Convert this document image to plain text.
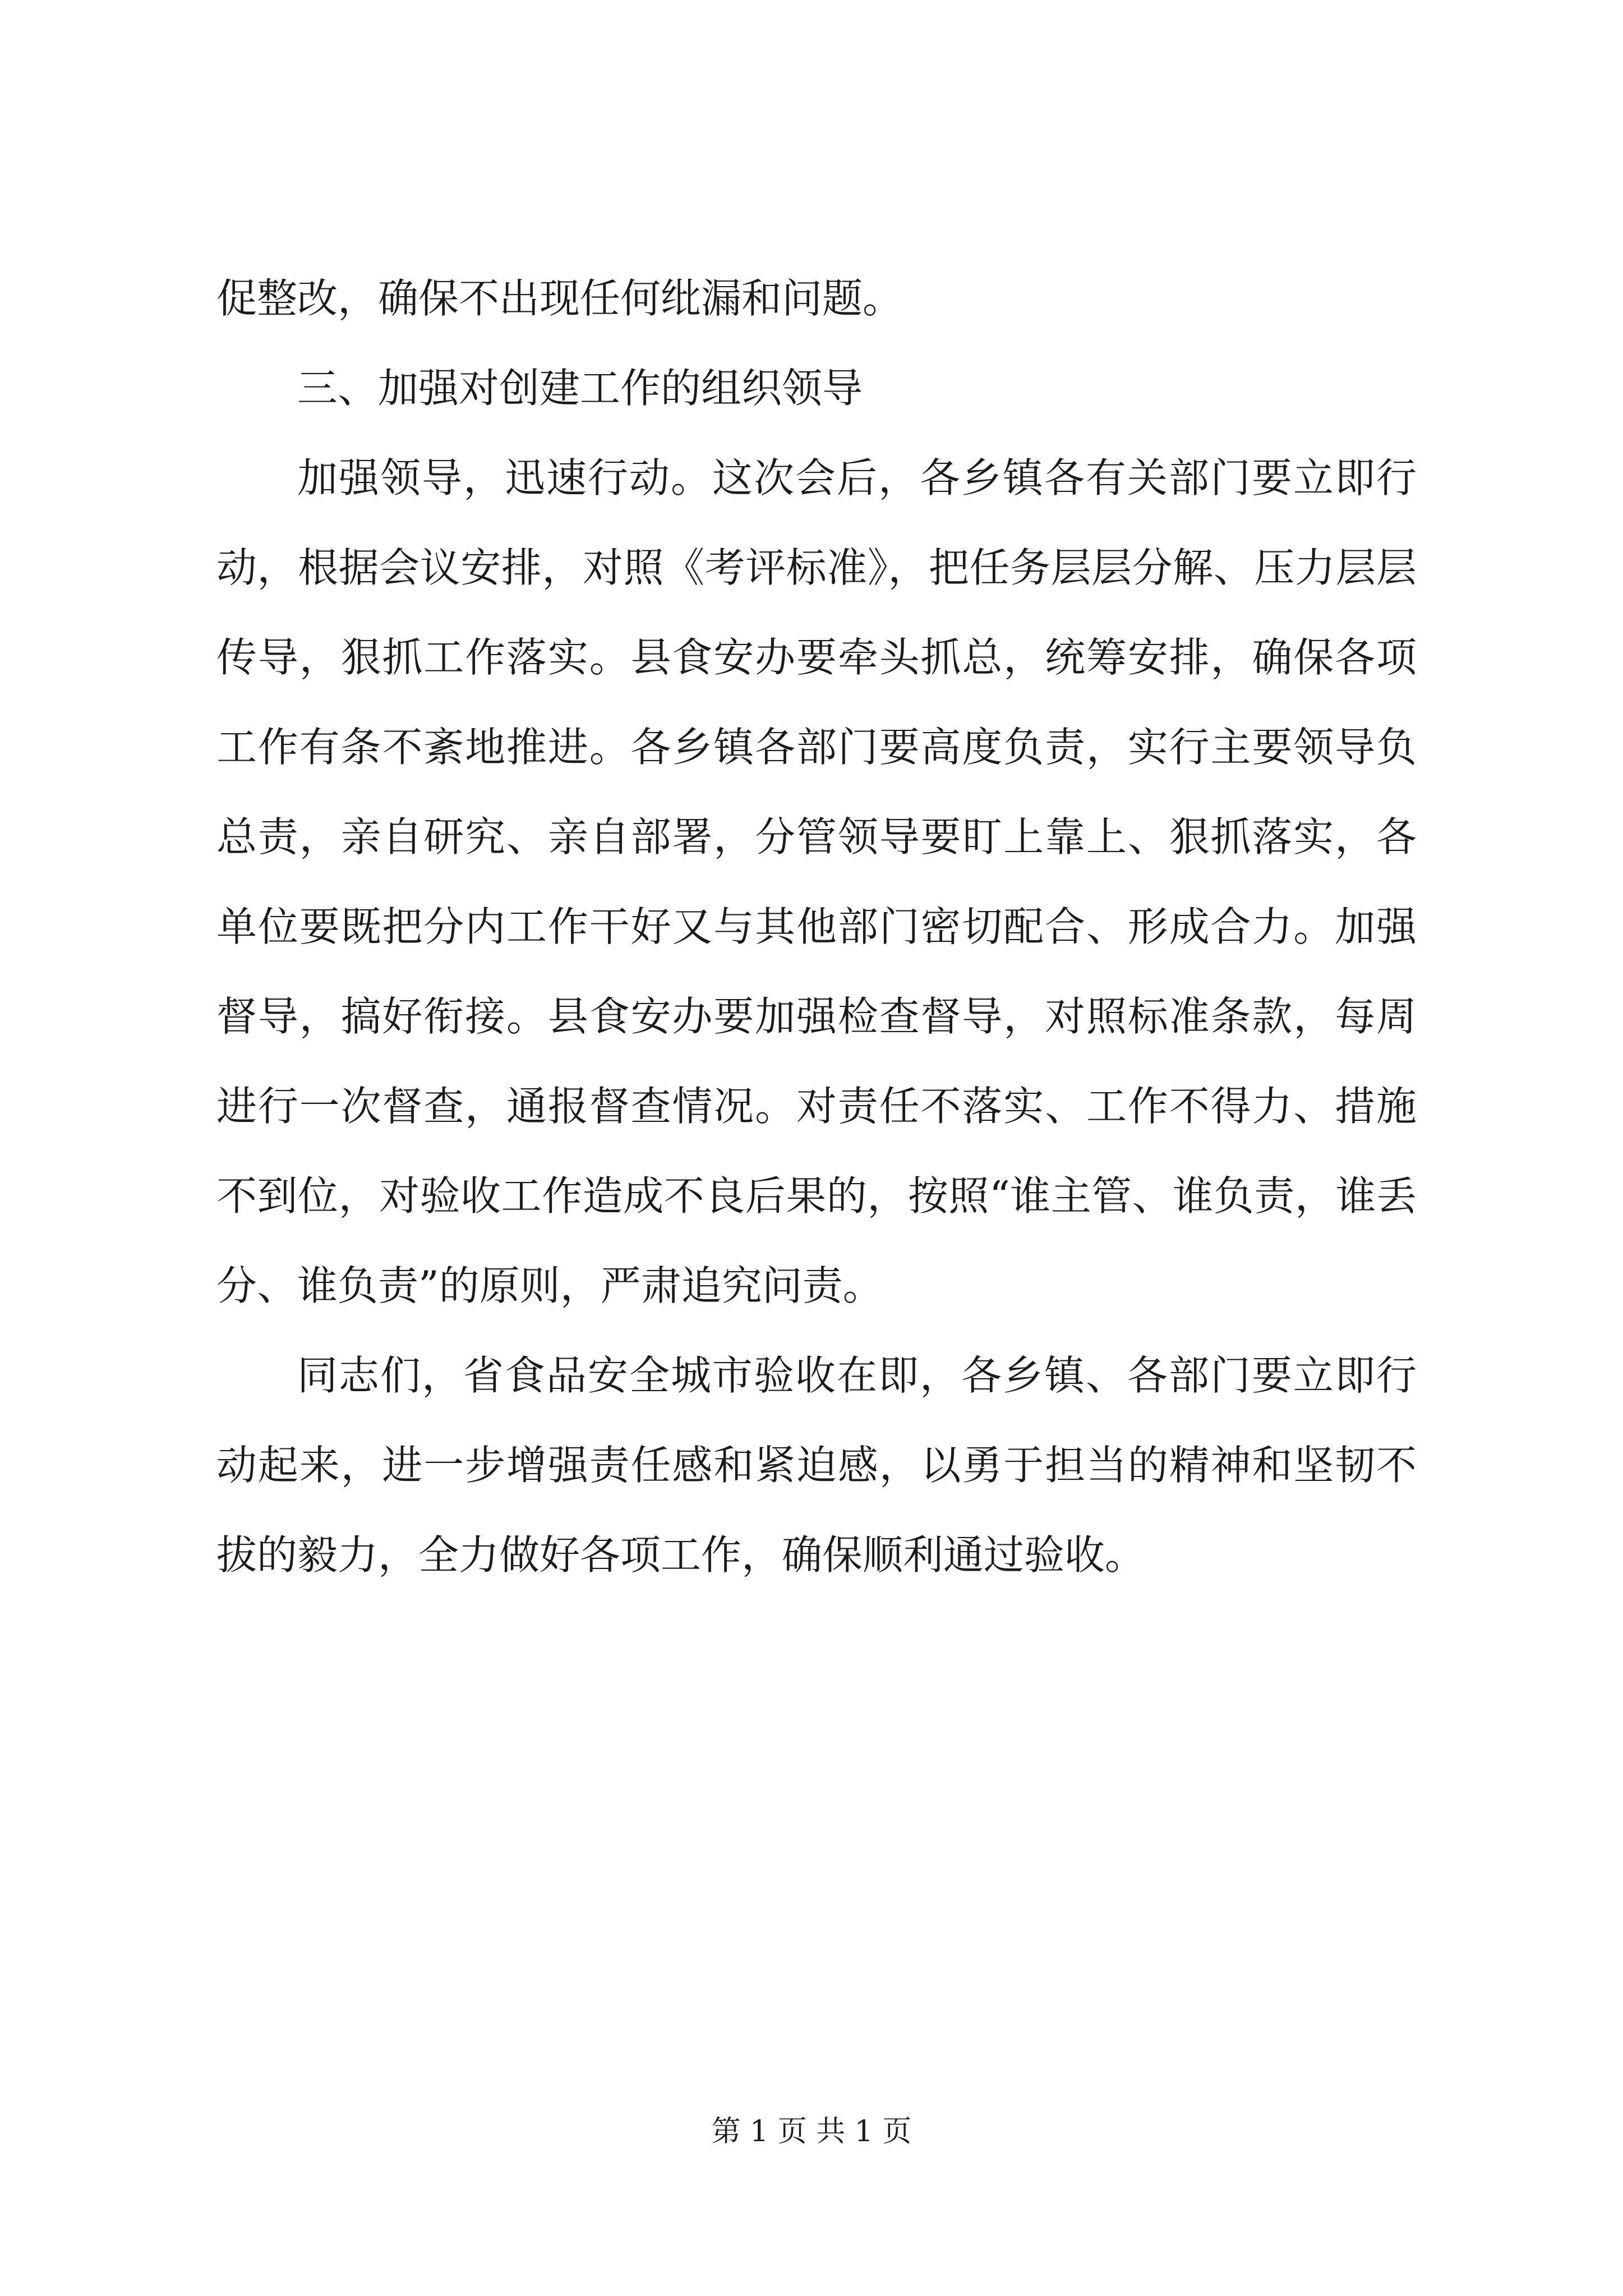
促整改，确保不出现任何纰漏和问题。

三、加强对创建工作的组织领导

加强领导，迅速行动。这次会后，各乡镇各有关部门要立即行动，根据会议安排，对照《考评标准》，把任务层层分解、压力层层传导，狠抓工作落实。县食安办要牵头抓总，统筹安排，确保各项工作有条不紊地推进。各乡镇各部门要高度负责，实行主要领导负总责，亲自研究、亲自部署，分管领导要盯上靠上、狠抓落实，各单位要既把分内工作干好又与其他部门密切配合、形成合力。加强督导，搞好衔接。县食安办要加强检查督导，对照标准条款，每周进行一次督查，通报督查情况。对责任不落实、工作不得力、措施不到位，对验收工作造成不良后果的，按照“谁主管、谁负责，谁丢分、谁负责”的原则，严肃追究问责。

同志们，省食品安全城市验收在即，各乡镇、各部门要立即行动起来，进一步增强责任感和紧迫感，以勇于担当的精神和坚韧不拔的毅力，全力做好各项工作，确保顺利通过验收。

第 1 页 共 1 页
